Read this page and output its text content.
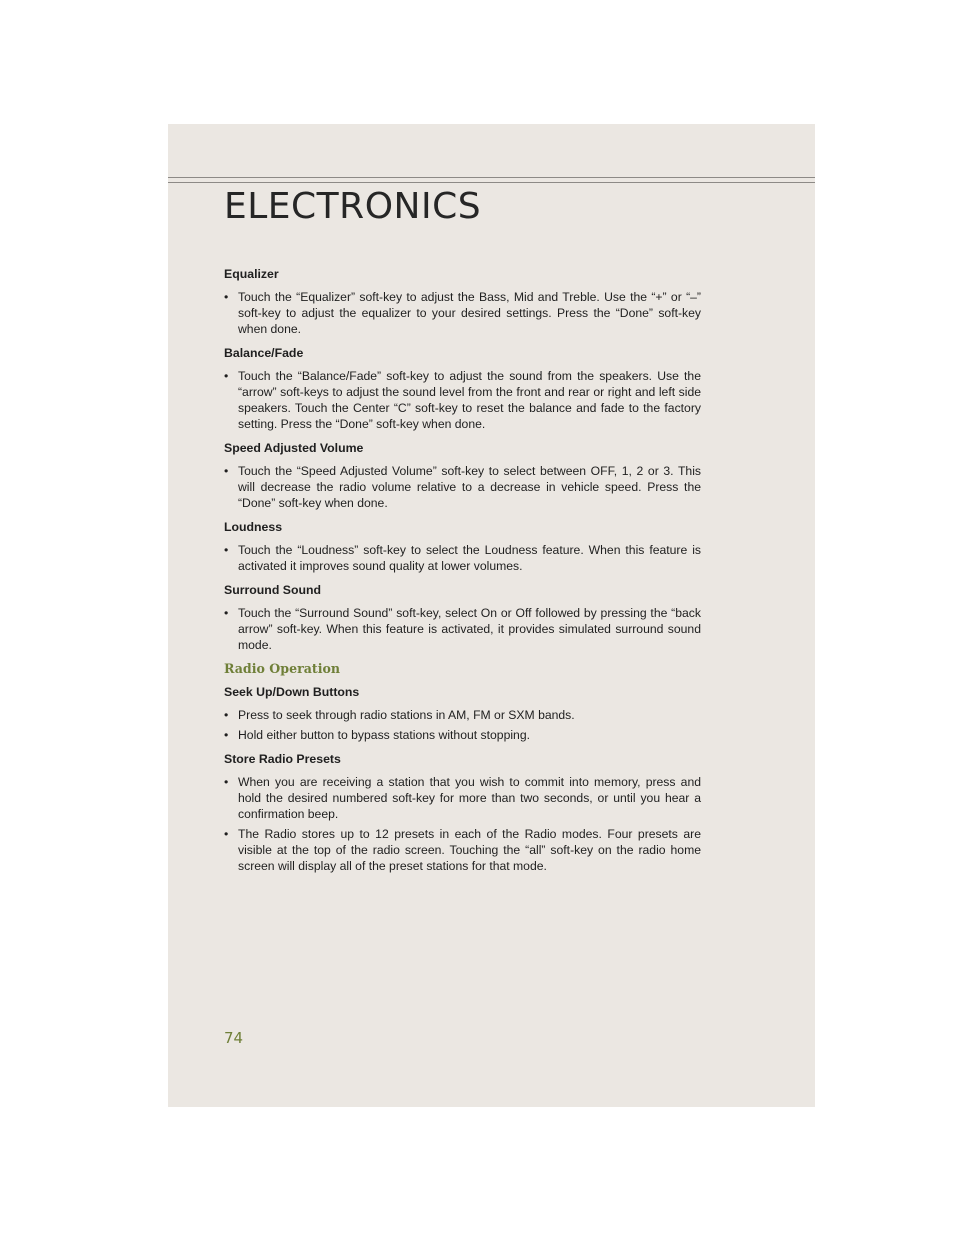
ELECTRONICS
Equalizer
• Touch the “Equalizer” soft-key to adjust the Bass, Mid and Treble. Use the “+” or “–” soft-key to adjust the equalizer to your desired settings. Press the “Done” soft-key when done.
Balance/Fade
• Touch the “Balance/Fade” soft-key to adjust the sound from the speakers. Use the “arrow” soft-keys to adjust the sound level from the front and rear or right and left side speakers. Touch the Center “C” soft-key to reset the balance and fade to the factory setting. Press the “Done” soft-key when done.
Speed Adjusted Volume
• Touch the “Speed Adjusted Volume” soft-key to select between OFF, 1, 2 or 3. This will decrease the radio volume relative to a decrease in vehicle speed. Press the “Done” soft-key when done.
Loudness
• Touch the “Loudness” soft-key to select the Loudness feature. When this feature is activated it improves sound quality at lower volumes.
Surround Sound
• Touch the “Surround Sound” soft-key, select On or Off followed by pressing the “back arrow” soft-key. When this feature is activated, it provides simulated surround sound mode.
Radio Operation
Seek Up/Down Buttons
• Press to seek through radio stations in AM, FM or SXM bands.
• Hold either button to bypass stations without stopping.
Store Radio Presets
• When you are receiving a station that you wish to commit into memory, press and hold the desired numbered soft-key for more than two seconds, or until you hear a confirmation beep.
• The Radio stores up to 12 presets in each of the Radio modes. Four presets are visible at the top of the radio screen. Touching the “all” soft-key on the radio home screen will display all of the preset stations for that mode.
74
